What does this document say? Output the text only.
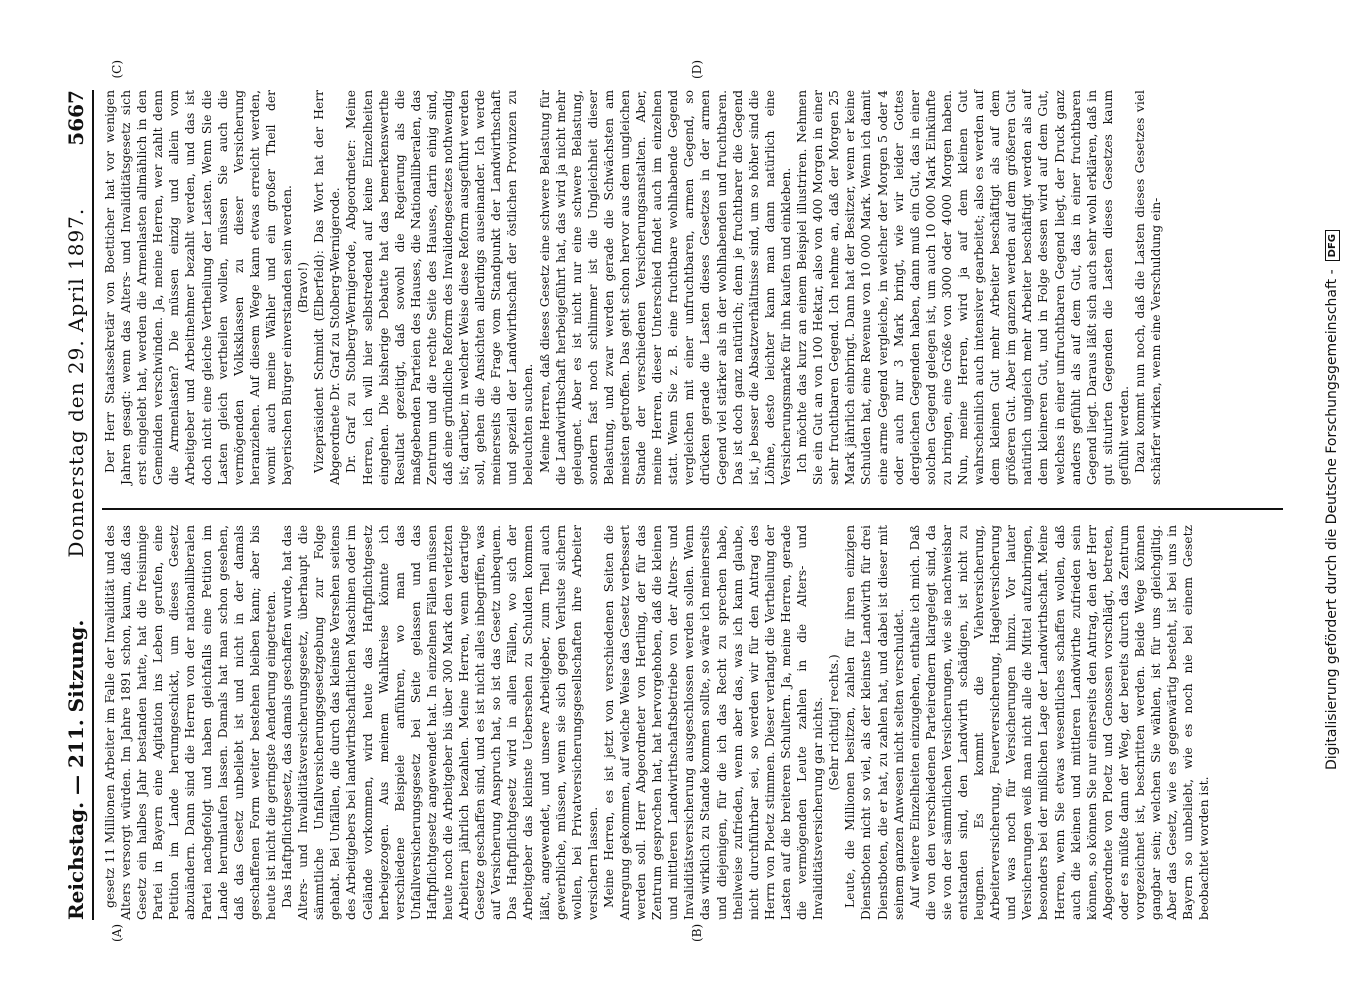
Reichstag. — 211. Sitzung.
Donnerstag den 29. April 1897.
5667

gesetz 11 Millionen Arbeiter im Falle der Invalidität und des Alters versorgt würden. Im Jahre 1891 schon, kaum, daß das Gesetz ein halbes Jahr bestanden hatte, hat die freisinnige Partei in Bayern eine Agitation ins Leben gerufen, eine Petition im Lande herumgeschickt, um dieses Gesetz abzuändern. Dann sind die Herren von der nationalliberalen Partei nachgefolgt und haben gleichfalls eine Petition im Lande herumlaufen lassen. Damals hat man schon gesehen, daß das Gesetz unbeliebt ist und nicht in der damals geschaffenen Form weiter bestehen bleiben kann; aber bis heute ist nicht die geringste Aenderung eingetreten. Das Haftpflichtgesetz, das damals geschaffen wurde, hat das Alters- und Invaliditätsversicherungsgesetz, überhaupt die sämmtliche Unfallversicherungsgesetzgebung zur Folge gehabt. Bei Unfällen, die durch das kleinste Versehen seitens des Arbeitgebers bei landwirthschaftlichen Maschinen oder im Gelände vorkommen, wird heute das Haftpflichtgesetz herbeigezogen. Aus meinem Wahlkreise könnte ich verschiedene Beispiele anführen, wo man das Unfallversicherungsgesetz bei Seite gelassen und das Haftpflichtgesetz angewendet hat. In einzelnen Fällen müssen heute noch die Arbeitgeber bis über 300 Mark den verletzten Arbeitern jährlich bezahlen. Meine Herren, wenn derartige Gesetze geschaffen sind, und es ist nicht alles inbegriffen, was auf Versicherung Anspruch hat, so ist das Gesetz unbequem. Das Haftpflichtgesetz wird in allen Fällen, wo sich der Arbeitgeber das kleinste Uebersehen zu Schulden kommen läßt, angewendet, und unsere Arbeitgeber, zum Theil auch gewerbliche, müssen, wenn sie sich gegen Verluste sichern wollen, bei Privatversicherungsgesellschaften ihre Arbeiter versichern lassen. Meine Herren, es ist jetzt von verschiedenen Seiten die Anregung gekommen, auf welche Weise das Gesetz verbessert werden soll. Herr Abgeordneter von Hertling, der für das Zentrum gesprochen hat, hat hervorgehoben, daß die kleinen und mittleren Landwirthschaftsbetriebe von der Alters- und Invaliditätsversicherung ausgeschlossen werden sollen. Wenn das wirklich zu Stande kommen sollte, so wäre ich meinerseits und diejenigen, für die ich das Recht zu sprechen habe, theilweise zufrieden, wenn aber das, was ich kann glaube, nicht durchführbar sei, so werden wir für den Antrag des Herrn von Ploetz stimmen. Dieser verlangt die Vertheilung der Lasten auf die breiteren Schultern. Ja, meine Herren, gerade die vermögenden Leute zahlen in die Alters- und Invaliditätsversicherung gar nichts. (Sehr richtig! rechts.) Leute, die Millionen besitzen, zahlen für ihren einzigen Dienstboten nicht so viel, als der kleinste Landwirth für drei Dienstboten, die er hat, zu zahlen hat, und dabei ist dieser mit seinem ganzen Anwesen nicht selten verschuldet. Auf weitere Einzelheiten einzugehen, enthalte ich mich. Daß die von den verschiedenen Parteirednern klargelegt sind, da sie von der sämmtlichen Versicherungen, wie sie nachweisbar entstanden sind, den Landwirth schädigen, ist nicht zu leugnen. Es kommt die Viehversicherung, Arbeiterversicherung, Feuerversicherung, Hagelversicherung und was noch für Versicherungen hinzu. Vor lauter Versicherungen weiß man nicht alle die Mittel aufzubringen, besonders bei der mißlichen Lage der Landwirthschaft. Meine Herren, wenn Sie etwas wesentliches schaffen wollen, daß auch die kleinen und mittleren Landwirthe zufrieden sein können, so können Sie nur einerseits den Antrag, den der Herr Abgeordnete von Ploetz und Genossen vorschlägt, betreten, oder es müßte dann der Weg, der bereits durch das Zentrum vorgezeichnet ist, beschritten werden. Beide Wege können gangbar sein; welchen Sie wählen, ist für uns gleichgiltig. Aber das Gesetz, wie es gegenwärtig besteht, ist bei uns in Bayern so unbeliebt, wie es noch nie bei einem Gesetz beobachtet worden ist.

Der Herr Staatssekretär von Boetticher hat vor wenigen Jahren gesagt: wenn das Alters- und Invaliditätsgesetz sich erst eingelebt hat, werden die Armenlasten allmählich in den Gemeinden verschwinden. Ja, meine Herren, wer zahlt denn die Armenlasten? Die müssen einzig und allein vom Arbeitgeber und Arbeitnehmer bezahlt werden, und das ist doch nicht eine gleiche Vertheilung der Lasten. Wenn Sie die Lasten gleich vertheilen wollen, müssen Sie auch die vermögenden Volksklassen zu dieser Versicherung heranziehen. Auf diesem Wege kann etwas erreicht werden, womit auch meine Wähler und ein großer Theil der bayerischen Bürger einverstanden sein werden. (Bravo!) Vizepräsident Schmidt (Elberfeld): Das Wort hat der Herr Abgeordnete Dr. Graf zu Stolberg-Wernigerode. Dr. Graf zu Stolberg-Wernigerode, Abgeordneter: Meine Herren, ich will hier selbstredend auf keine Einzelheiten eingehen. Die bisherige Debatte hat das bemerkenswerthe Resultat gezeitigt, daß sowohl die Regierung als die maßgebenden Parteien des Hauses, die Nationalliberalen, das Zentrum und die rechte Seite des Hauses, darin einig sind, daß eine gründliche Reform des Invalidengesetzes nothwendig ist; darüber, in welcher Weise diese Reform ausgeführt werden soll, gehen die Ansichten allerdings auseinander. Ich werde meinerseits die Frage vom Standpunkt der Landwirthschaft und speziell der Landwirthschaft der östlichen Provinzen zu beleuchten suchen. Meine Herren, daß dieses Gesetz eine schwere Belastung für die Landwirthschaft herbeigeführt hat, das wird ja nicht mehr geleugnet. Aber es ist nicht nur eine schwere Belastung, sondern fast noch schlimmer ist die Ungleichheit dieser Belastung, und zwar werden gerade die Schwächsten am meisten getroffen. Das geht schon hervor aus dem ungleichen Stande der verschiedenen Versicherungsanstalten. Aber, meine Herren, dieser Unterschied findet auch im einzelnen statt. Wenn Sie z. B. eine fruchtbare wohlhabende Gegend vergleichen mit einer unfruchtbaren, armen Gegend, so drücken gerade die Lasten dieses Gesetzes in der armen Gegend viel stärker als in der wohlhabenden und fruchtbaren. Das ist doch ganz natürlich; denn je fruchtbarer die Gegend ist, je besser die Absatzverhältnisse sind, um so höher sind die Löhne, desto leichter kann man dann natürlich eine Versicherungsmarke für ihn kaufen und einkleben. Ich möchte das kurz an einem Beispiel illustriren. Nehmen Sie ein Gut an von 100 Hektar, also von 400 Morgen in einer sehr fruchtbaren Gegend. Ich nehme an, daß der Morgen 25 Mark jährlich einbringt. Dann hat der Besitzer, wenn er keine Schulden hat, eine Revenue von 10 000 Mark. Wenn ich damit eine arme Gegend vergleiche, in welcher der Morgen 5 oder 4 oder auch nur 3 Mark bringt, wie wir leider Gottes dergleichen Gegenden haben, dann muß ein Gut, das in einer solchen Gegend gelegen ist, um auch 10 000 Mark Einkünfte zu bringen, eine Größe von 3000 oder 4000 Morgen haben. Nun, meine Herren, wird ja auf dem kleinen Gut wahrscheinlich auch intensiver gearbeitet; also es werden auf dem kleinen Gut mehr Arbeiter beschäftigt als auf dem größeren Gut. Aber im ganzen werden auf dem größeren Gut natürlich ungleich mehr Arbeiter beschäftigt werden als auf dem kleineren Gut, und in Folge dessen wird auf dem Gut, welches in einer unfruchtbaren Gegend liegt, der Druck ganz anders gefühlt als auf dem Gut, das in einer fruchtbaren Gegend liegt. Daraus läßt sich auch sehr wohl erklären, daß in gut situirten Gegenden die Lasten dieses Gesetzes kaum gefühlt werden. Dazu kommt nun noch, daß die Lasten dieses Gesetzes viel schärfer wirken, wenn eine Verschuldung ein-

(A)	(B)
(C)	(D)
Digitalisierung gefördert durch die Deutsche Forschungsgemeinschaft -
DFG
